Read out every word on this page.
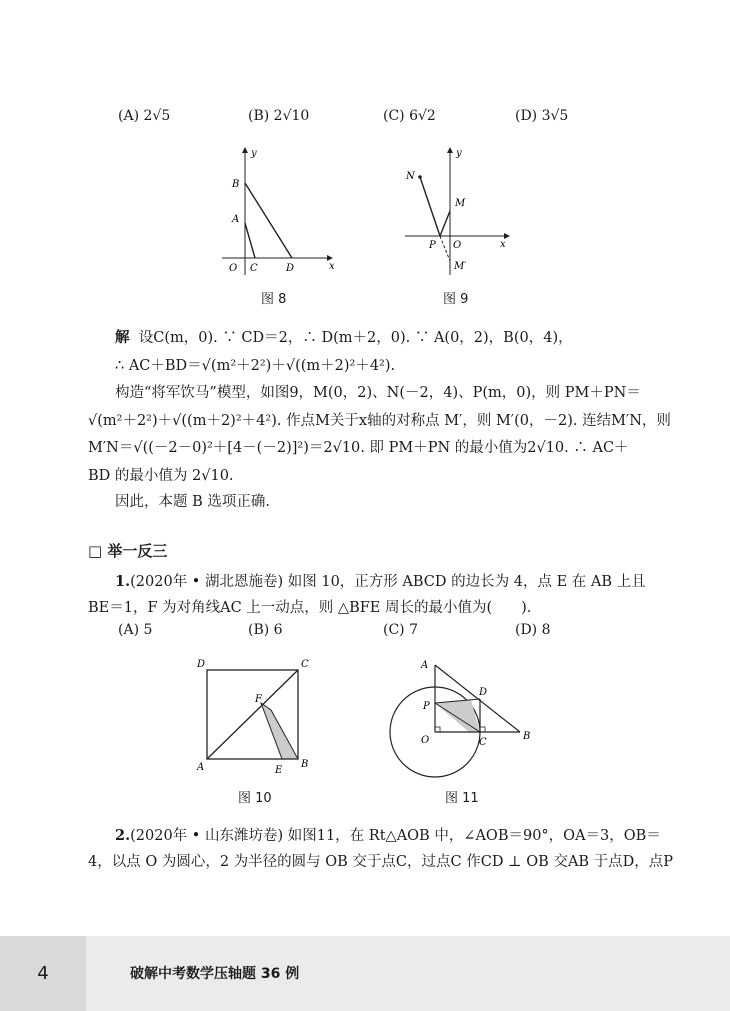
(A) 2√5	(B) 2√10	(C) 6√2	(D) 3√5
y
x
O
B
A
C	D
图 8
y
x
N
M
P O
M′
图 9
解 设C(m，0). ∵ CD＝2，∴ D(m＋2，0). ∵ A(0，2)，B(0，4)，
∴ AC＋BD＝√(m²＋2²)＋√((m＋2)²＋4²).
构造“将军饮马”模型，如图9，M(0，2)、N(－2，4)、P(m，0)，则 PM＋PN＝
√(m²＋2²)＋√((m＋2)²＋4²). 作点M关于x轴的对称点 M′，则 M′(0，－2). 连结M′N，则
M′N＝√((－2－0)²＋[4－(－2)]²)＝2√10. 即 PM＋PN 的最小值为2√10. ∴ AC＋
BD 的最小值为 2√10.
因此，本题 B 选项正确.
□ 举一反三
1.(2020年 • 湖北恩施卷) 如图 10，正方形 ABCD 的边长为 4，点 E 在 AB 上且
BE＝1，F 为对角线AC 上一动点，则 △BFE 周长的最小值为(　　).
(A) 5	(B) 6	(C) 7	(D) 8
D	C
A	B
E
F
图 10
A
P
D
O	C
B
图 11
2.(2020年 • 山东潍坊卷) 如图11，在 Rt△AOB 中，∠AOB＝90°，OA＝3，OB＝
4，以点 O 为圆心，2 为半径的圆与 OB 交于点C，过点C 作CD ⊥ OB 交AB 于点D，点P
4	破解中考数学压轴题 36 例
